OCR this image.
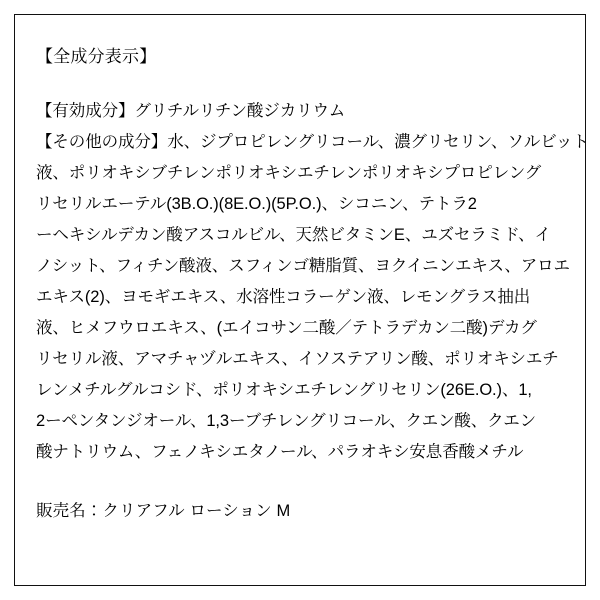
【全成分表示】
【有効成分】グリチルリチン酸ジカリウム
【その他の成分】水、ジプロピレングリコール、濃グリセリン、ソルビット
液、ポリオキシブチレンポリオキシエチレンポリオキシプロピレング
リセリルエーテル(3B.O.)(8E.O.)(5P.O.)、シコニン、テトラ2
ーヘキシルデカン酸アスコルビル、天然ビタミンE、ユズセラミド、イ
ノシット、フィチン酸液、スフィンゴ糖脂質、ヨクイニンエキス、アロエ
エキス(2)、ヨモギエキス、水溶性コラーゲン液、レモングラス抽出
液、ヒメフウロエキス、(エイコサン二酸／テトラデカン二酸)デカグ
リセリル液、アマチャヅルエキス、イソステアリン酸、ポリオキシエチ
レンメチルグルコシド、ポリオキシエチレングリセリン(26E.O.)、1,
2ーペンタンジオール、1,3ーブチレングリコール、クエン酸、クエン
酸ナトリウム、フェノキシエタノール、パラオキシ安息香酸メチル
販売名：クリアフル ローション M
